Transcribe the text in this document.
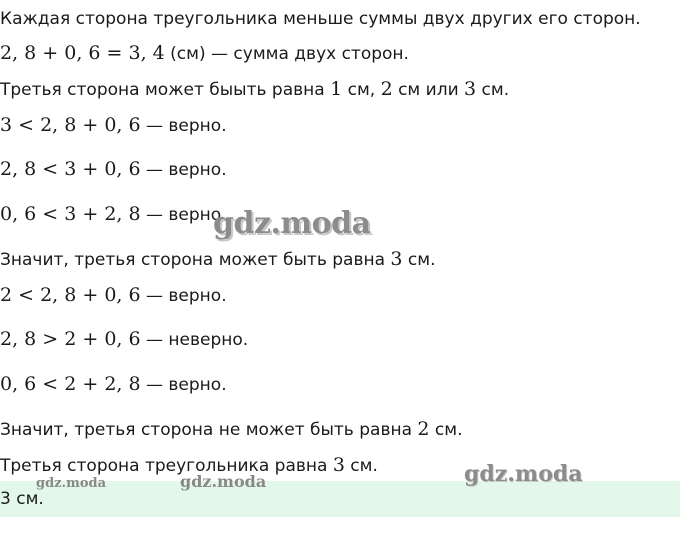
Каждая сторона треугольника меньше суммы двух других его сторон.
2, 8 + 0, 6 = 3, 4 (см) — сумма двух сторон.
Третья сторона может быыть равна 1 см, 2 см или 3 см.
3 < 2, 8 + 0, 6 — верно.
2, 8 < 3 + 0, 6 — верно.
0, 6 < 3 + 2, 8 — верно.
Значит, третья сторона может быть равна 3 см.
2 < 2, 8 + 0, 6 — верно.
2, 8 > 2 + 0, 6 — неверно.
0, 6 < 2 + 2, 8 — верно.
Значит, третья сторона не может быть равна 2 см.
Третья сторона треугольника равна 3 см.
3 см.
gdz.moda
gdz.moda
gdz.moda	gdz.moda
